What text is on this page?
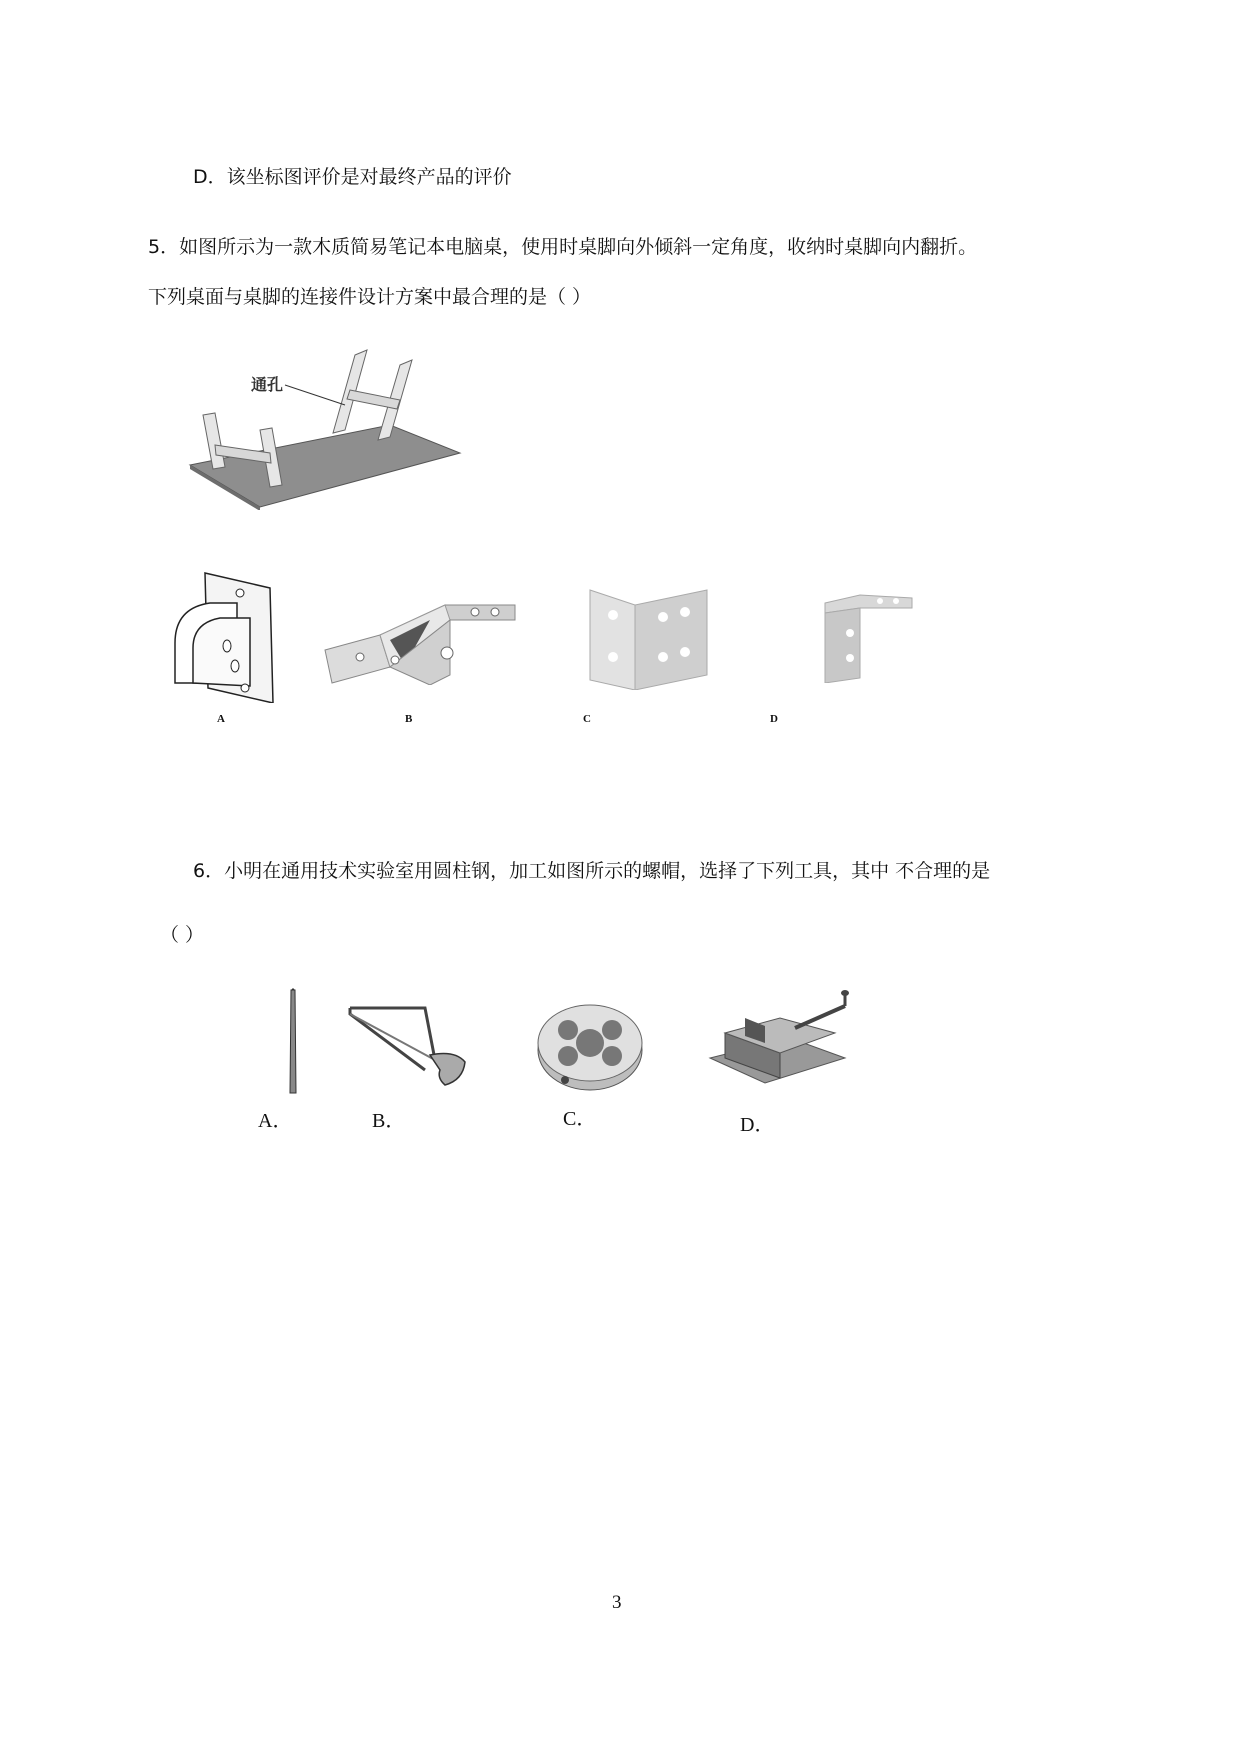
D．该坐标图评价是对最终产品的评价
5．如图所示为一款木质简易笔记本电脑桌，使用时桌脚向外倾斜一定角度，收纳时桌脚向内翻折。
下列桌面与桌脚的连接件设计方案中最合理的是（ ）
通孔
A	B	C	D
6．小明在通用技术实验室用圆柱钢，加工如图所示的螺帽，选择了下列工具，其中 不合理的是
（ ）
A．	B．	C．	D．
3
